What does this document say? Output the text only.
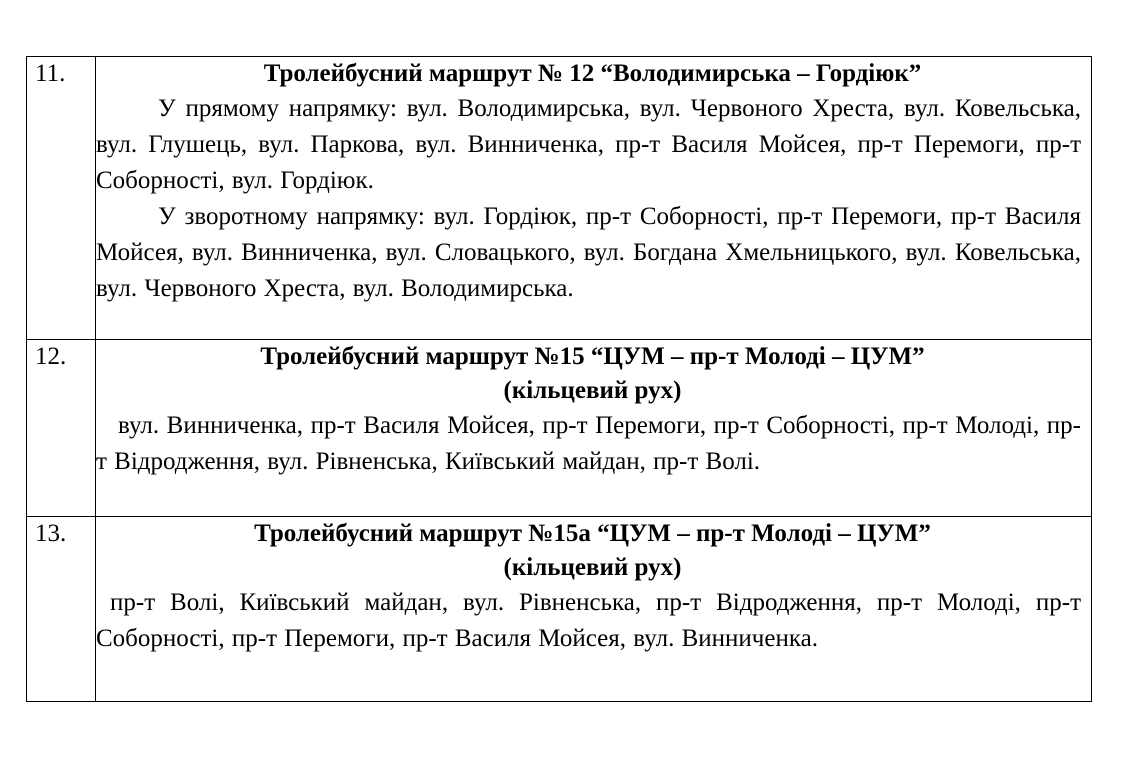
11.	Тролейбусний маршрут № 12 “Володимирська – Гордіюк”

У прямому напрямку: вул. Володимирська, вул. Червоного Хреста, вул. Ковельська, вул. Глушець, вул. Паркова, вул. Винниченка, пр-т Василя Мойсея, пр-т Перемоги, пр-т Соборності, вул. Гордіюк.

У зворотному напрямку: вул. Гордіюк, пр-т Соборності, пр-т Перемоги, пр-т Василя Мойсея, вул. Винниченка, вул. Словацького, вул. Богдана Хмельницького, вул. Ковельська, вул. Червоного Хреста, вул. Володимирська.

12.	Тролейбусний маршрут №15 “ЦУМ – пр-т Молоді – ЦУМ”
(кільцевий рух)

вул. Винниченка, пр-т Василя Мойсея, пр-т Перемоги, пр-т Соборності, пр-т Молоді, пр-т Відродження, вул. Рівненська, Київський майдан, пр-т Волі.

13.	Тролейбусний маршрут №15а “ЦУМ – пр-т Молоді – ЦУМ”
(кільцевий рух)

пр-т Волі, Київський майдан, вул. Рівненська, пр-т Відродження, пр-т Молоді, пр-т Соборності, пр-т Перемоги, пр-т Василя Мойсея, вул. Винниченка.
